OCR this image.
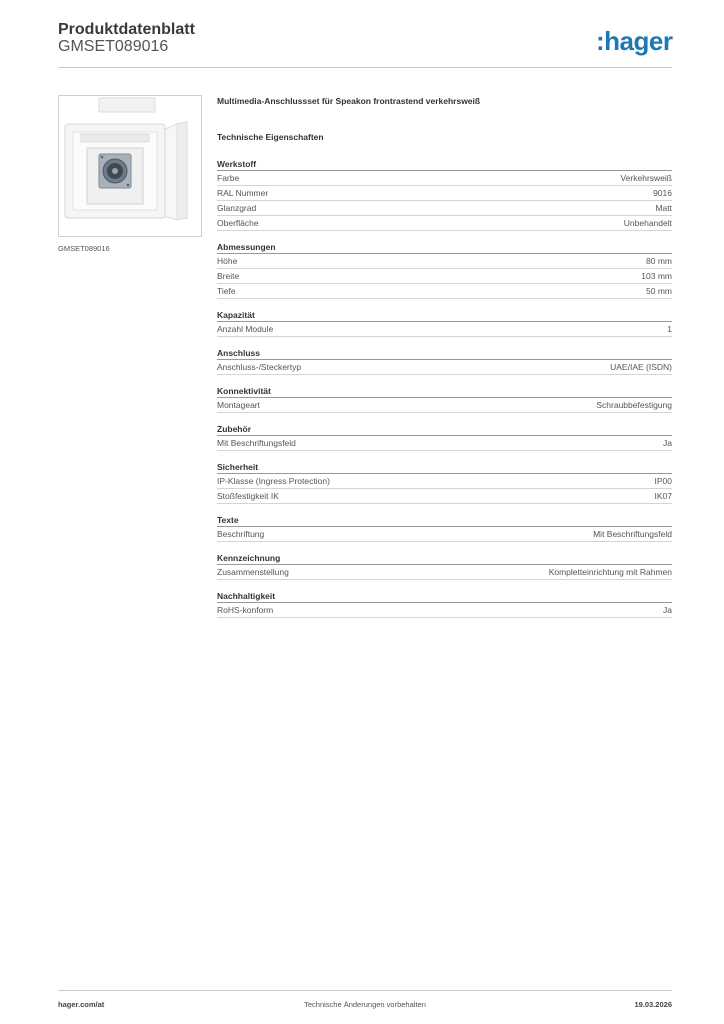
Produktdatenblatt
GMSET089016	:hager
GMSET089016

Multimedia-Anschlussset für Speakon frontrastend verkehrsweiß

Technische Eigenschaften
Werkstoff
Farbe	Verkehrsweiß
RAL Nummer	9016
Glanzgrad	Matt
Oberfläche	Unbehandelt
Abmessungen
Höhe	80 mm
Breite	103 mm
Tiefe	50 mm
Kapazität
Anzahl Module	1
Anschluss
Anschluss-/Steckertyp	UAE/IAE (ISDN)
Konnektivität
Montageart	Schraubbefestigung
Zubehör
Mit Beschriftungsfeld	Ja
Sicherheit
IP-Klasse (Ingress Protection)	IP00
Stoßfestigkeit IK	IK07
Texte
Beschriftung	Mit Beschriftungsfeld
Kennzeichnung
Zusammenstellung	Kompletteinrichtung mit Rahmen
Nachhaltigkeit
RoHS-konform	Ja
hager.com/at	Technische Änderungen vorbehalten	19.03.2026
